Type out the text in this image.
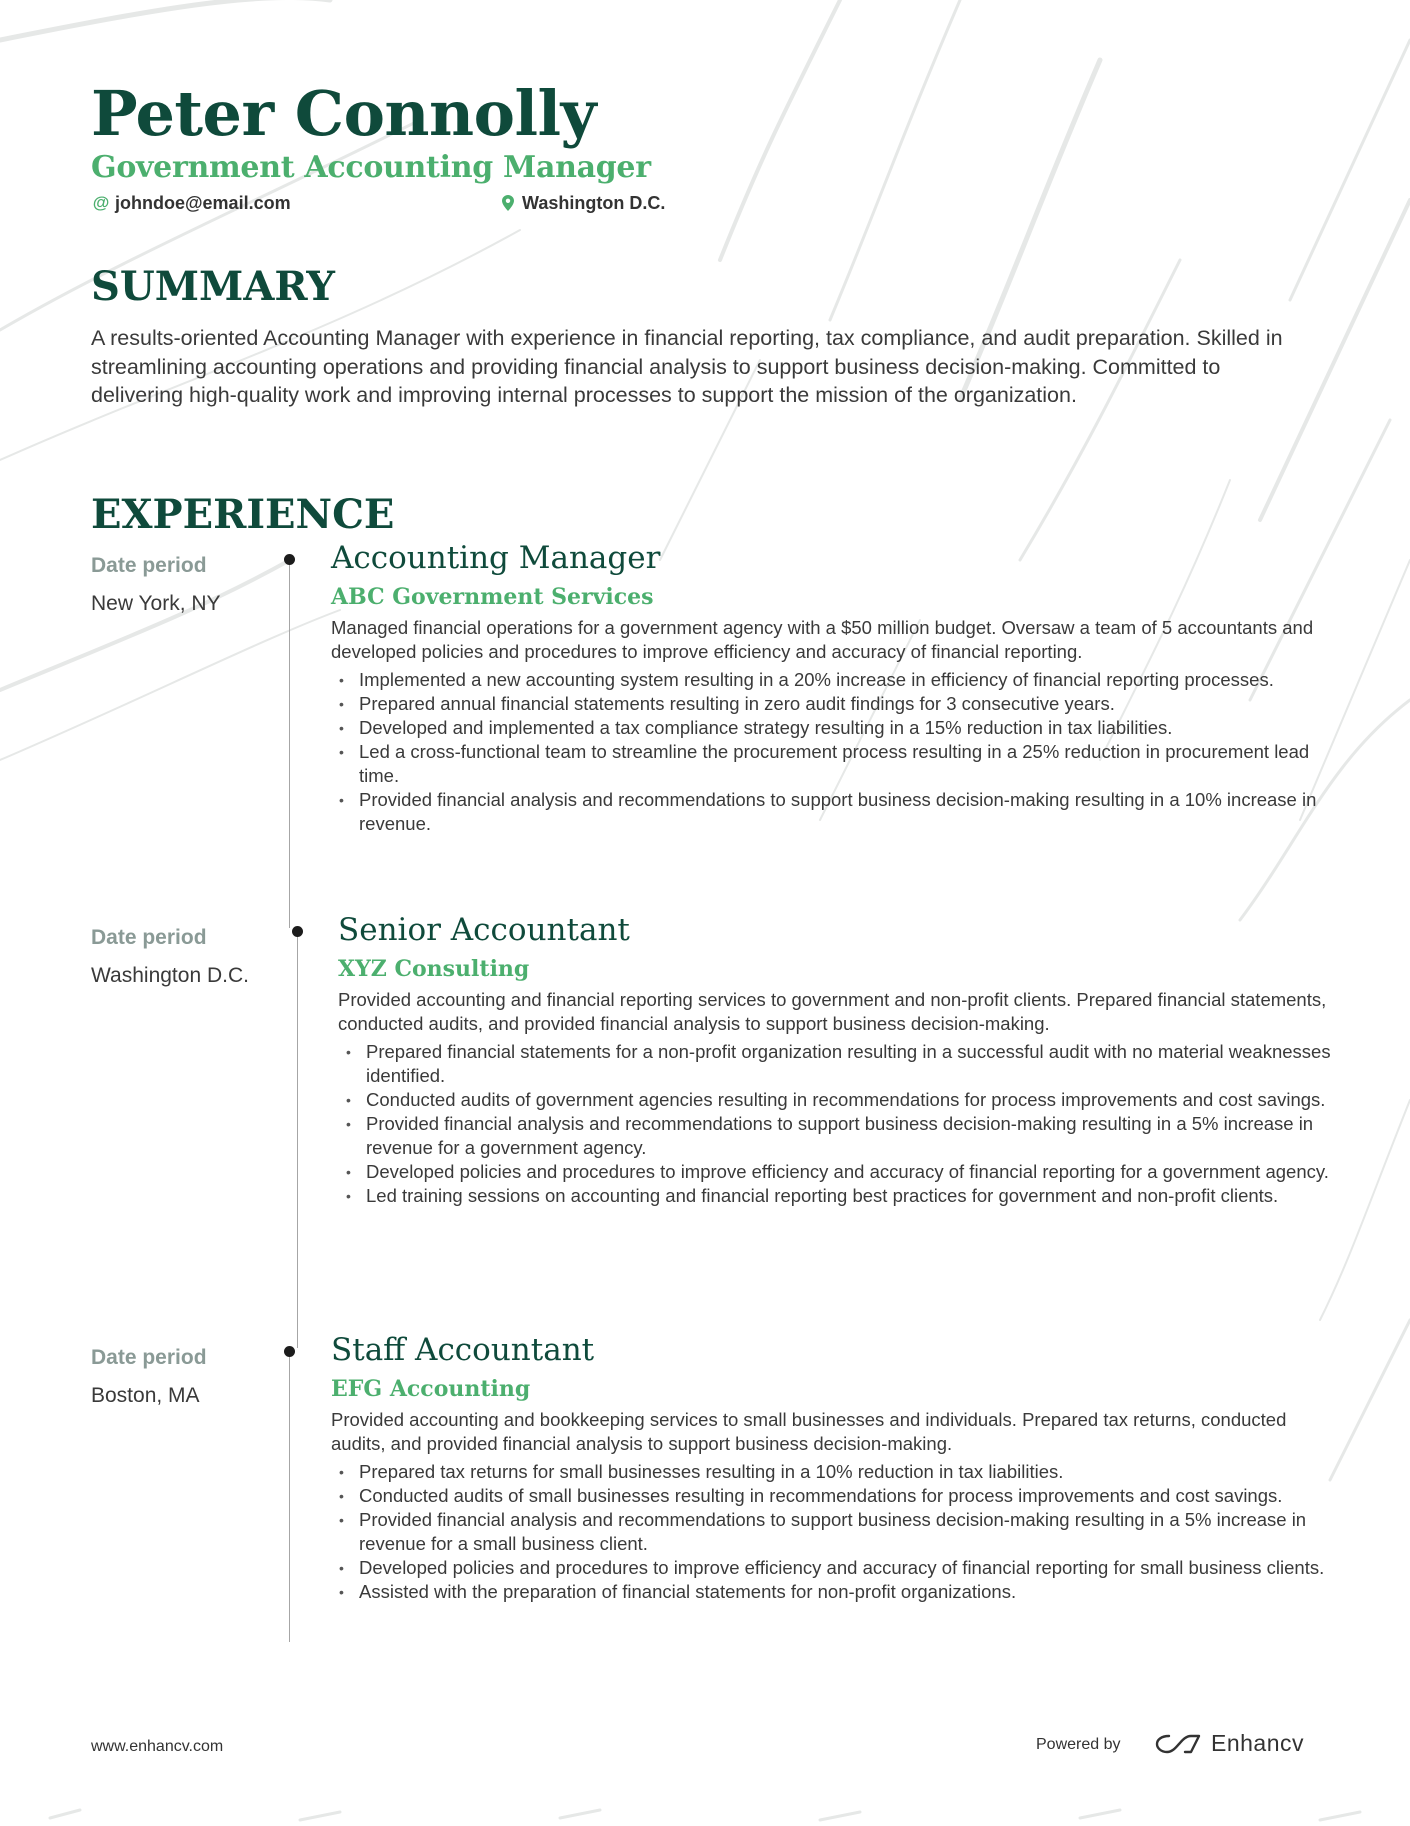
Peter Connolly
Government Accounting Manager
@ johndoe@email.com	Washington D.C.
SUMMARY

A results-oriented Accounting Manager with experience in financial reporting, tax compliance, and audit preparation. Skilled in streamlining accounting operations and providing financial analysis to support business decision-making. Committed to delivering high-quality work and improving internal processes to support the mission of the organization.

EXPERIENCE
Date period
New York, NY
Accounting Manager
ABC Government Services

Managed financial operations for a government agency with a $50 million budget. Oversaw a team of 5 accountants and developed policies and procedures to improve efficiency and accuracy of financial reporting.

• Implemented a new accounting system resulting in a 20% increase in efficiency of financial reporting processes.
• Prepared annual financial statements resulting in zero audit findings for 3 consecutive years.
• Developed and implemented a tax compliance strategy resulting in a 15% reduction in tax liabilities.
• Led a cross-functional team to streamline the procurement process resulting in a 25% reduction in procurement lead time.
• Provided financial analysis and recommendations to support business decision-making resulting in a 10% increase in revenue.
Date period
Washington D.C.
Senior Accountant
XYZ Consulting

Provided accounting and financial reporting services to government and non-profit clients. Prepared financial statements, conducted audits, and provided financial analysis to support business decision-making.

• Prepared financial statements for a non-profit organization resulting in a successful audit with no material weaknesses identified.
• Conducted audits of government agencies resulting in recommendations for process improvements and cost savings.
• Provided financial analysis and recommendations to support business decision-making resulting in a 5% increase in revenue for a government agency.
• Developed policies and procedures to improve efficiency and accuracy of financial reporting for a government agency.
• Led training sessions on accounting and financial reporting best practices for government and non-profit clients.
Date period
Boston, MA
Staff Accountant
EFG Accounting

Provided accounting and bookkeeping services to small businesses and individuals. Prepared tax returns, conducted audits, and provided financial analysis to support business decision-making.

• Prepared tax returns for small businesses resulting in a 10% reduction in tax liabilities.
• Conducted audits of small businesses resulting in recommendations for process improvements and cost savings.
• Provided financial analysis and recommendations to support business decision-making resulting in a 5% increase in revenue for a small business client.
• Developed policies and procedures to improve efficiency and accuracy of financial reporting for small business clients.
• Assisted with the preparation of financial statements for non-profit organizations.
www.enhancv.com	Powered by	Enhancv
